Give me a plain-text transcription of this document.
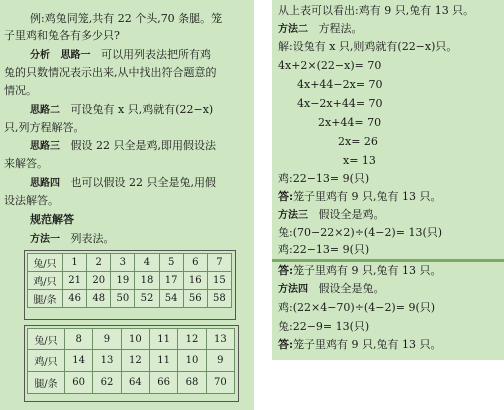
例:鸡兔同笼,共有 22 个头,70 条腿。笼
子里鸡和兔各有多少只?
分析 思路一 可以用列表法把所有鸡
兔的只数情况表示出来,从中找出符合题意的
情况。
思路二 可设兔有 x 只,鸡就有(22−x)
只,列方程解答。
思路三 假设 22 只全是鸡,即用假设法
来解答。
思路四 也可以假设 22 只全是兔,用假
设法解答。
规范解答
方法一 列表法。
兔/只	1	2	3	4	5	6	7
鸡/只	21	20	19	18	17	16	15
腿/条	46	48	50	52	54	56	58
兔/只	8	9	10	11	12	13
鸡/只	14	13	12	11	10	9
腿/条	60	62	64	66	68	70
从上表可以看出:鸡有 9 只,兔有 13 只。
方法二 方程法。
解:设兔有 x 只,则鸡就有(22−x)只。
4x+2×(22−x)= 70
4x+44−2x= 70
4x−2x+44= 70
2x+44= 70
2x= 26
x= 13
鸡:22−13= 9(只)
答:笼子里鸡有 9 只,兔有 13 只。
方法三 假设全是鸡。
兔:(70−22×2)÷(4−2)= 13(只)
鸡:22−13= 9(只)
答:笼子里鸡有 9 只,兔有 13 只。
方法四 假设全是兔。
鸡:(22×4−70)÷(4−2)= 9(只)
兔:22−9= 13(只)
答:笼子里鸡有 9 只,兔有 13 只。
